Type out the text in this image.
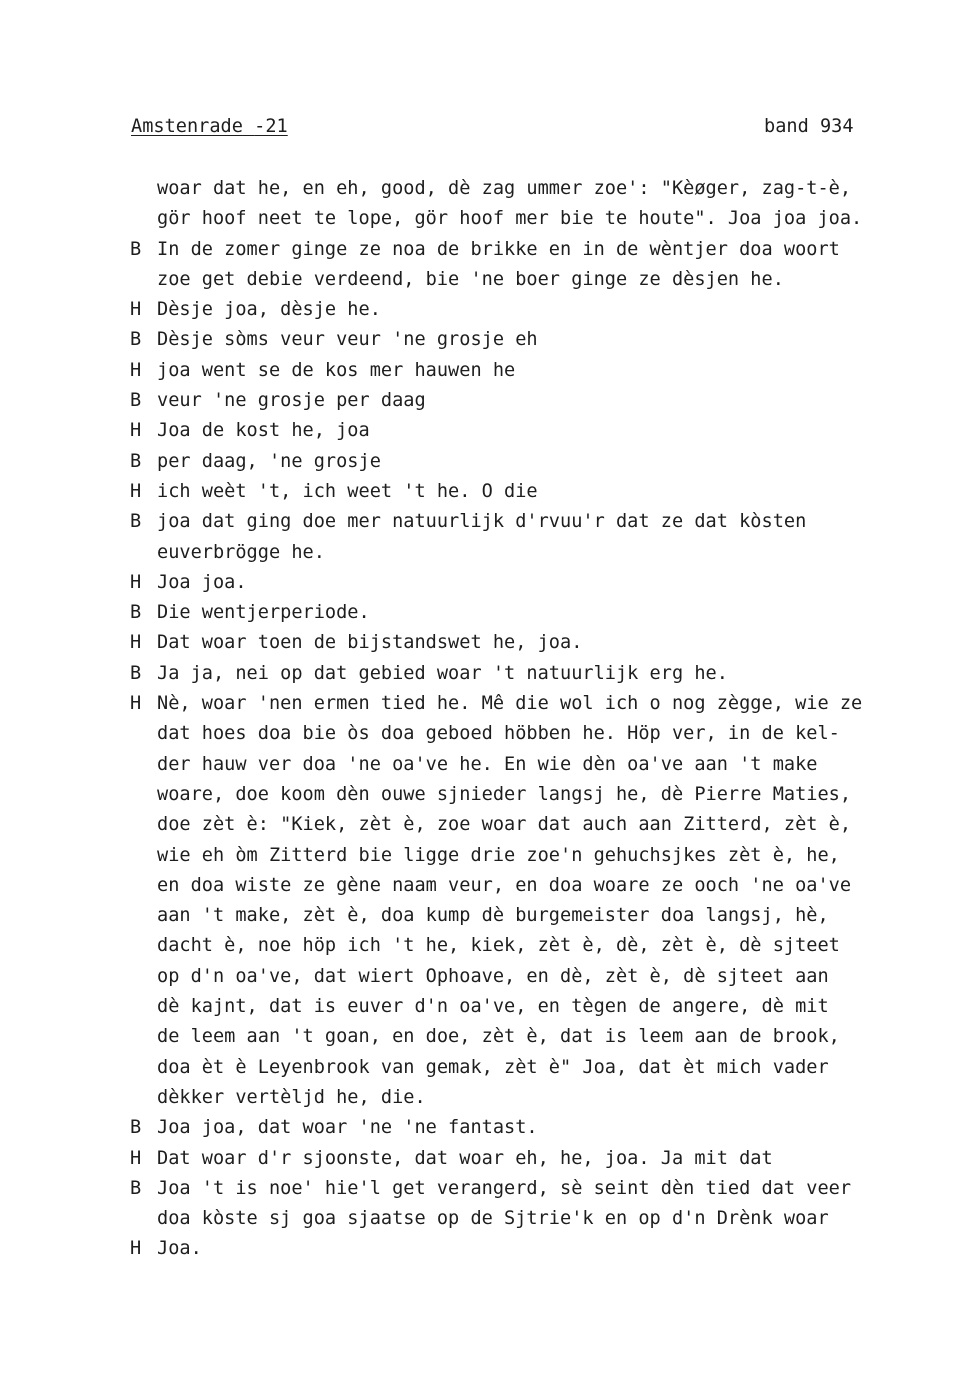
Amstenrade -21	band 934
woar dat he, en eh, good, dè zag ummer zoe': "Kèøger, zag-t-è,
gör hoof neet te lope, gör hoof mer bie te houte". Joa joa joa.
B In de zomer ginge ze noa de brikke en in de wèntjer doa woort
zoe get debie verdeend, bie 'ne boer ginge ze dèsjen he.
H Dèsje joa, dèsje he.
B Dèsje sòms veur veur 'ne grosje eh
H joa went se de kos mer hauwen he
B veur 'ne grosje per daag
H Joa de kost he, joa
B per daag, 'ne grosje
H ich weèt 't, ich weet 't he. O die
B joa dat ging doe mer natuurlijk d'rvuu'r dat ze dat kòsten
euverbrögge he.
H Joa joa.
B Die wentjerperiode.
H Dat woar toen de bijstandswet he, joa.
B Ja ja, nei op dat gebied woar 't natuurlijk erg he.
H Nè, woar 'nen ermen tied he. Mê die wol ich o nog zègge, wie ze
dat hoes doa bie òs doa geboed höbben he. Höp ver, in de kel-
der hauw ver doa 'ne oa've he. En wie dèn oa've aan 't make
woare, doe koom dèn ouwe sjnieder langsj he, dè Pierre Maties,
doe zèt è: "Kiek, zèt è, zoe woar dat auch aan Zitterd, zèt è,
wie eh òm Zitterd bie ligge drie zoe'n gehuchsjkes zèt è, he,
en doa wiste ze gène naam veur, en doa woare ze ooch 'ne oa've
aan 't make, zèt è, doa kump dè burgemeister doa langsj, hè,
dacht è, noe höp ich 't he, kiek, zèt è, dè, zèt è, dè sjteet
op d'n oa've, dat wiert Ophoave, en dè, zèt è, dè sjteet aan
dè kajnt, dat is euver d'n oa've, en tègen de angere, dè mit
de leem aan 't goan, en doe, zèt è, dat is leem aan de brook,
doa èt è Leyenbrook van gemak, zèt è" Joa, dat èt mich vader
dèkker vertèljd he, die.
B Joa joa, dat woar 'ne 'ne fantast.
H Dat woar d'r sjoonste, dat woar eh, he, joa. Ja mit dat
B Joa 't is noe' hie'l get verangerd, sè seint dèn tied dat veer
doa kòste sj goa sjaatse op de Sjtrie'k en op d'n Drènk woar
H Joa.
